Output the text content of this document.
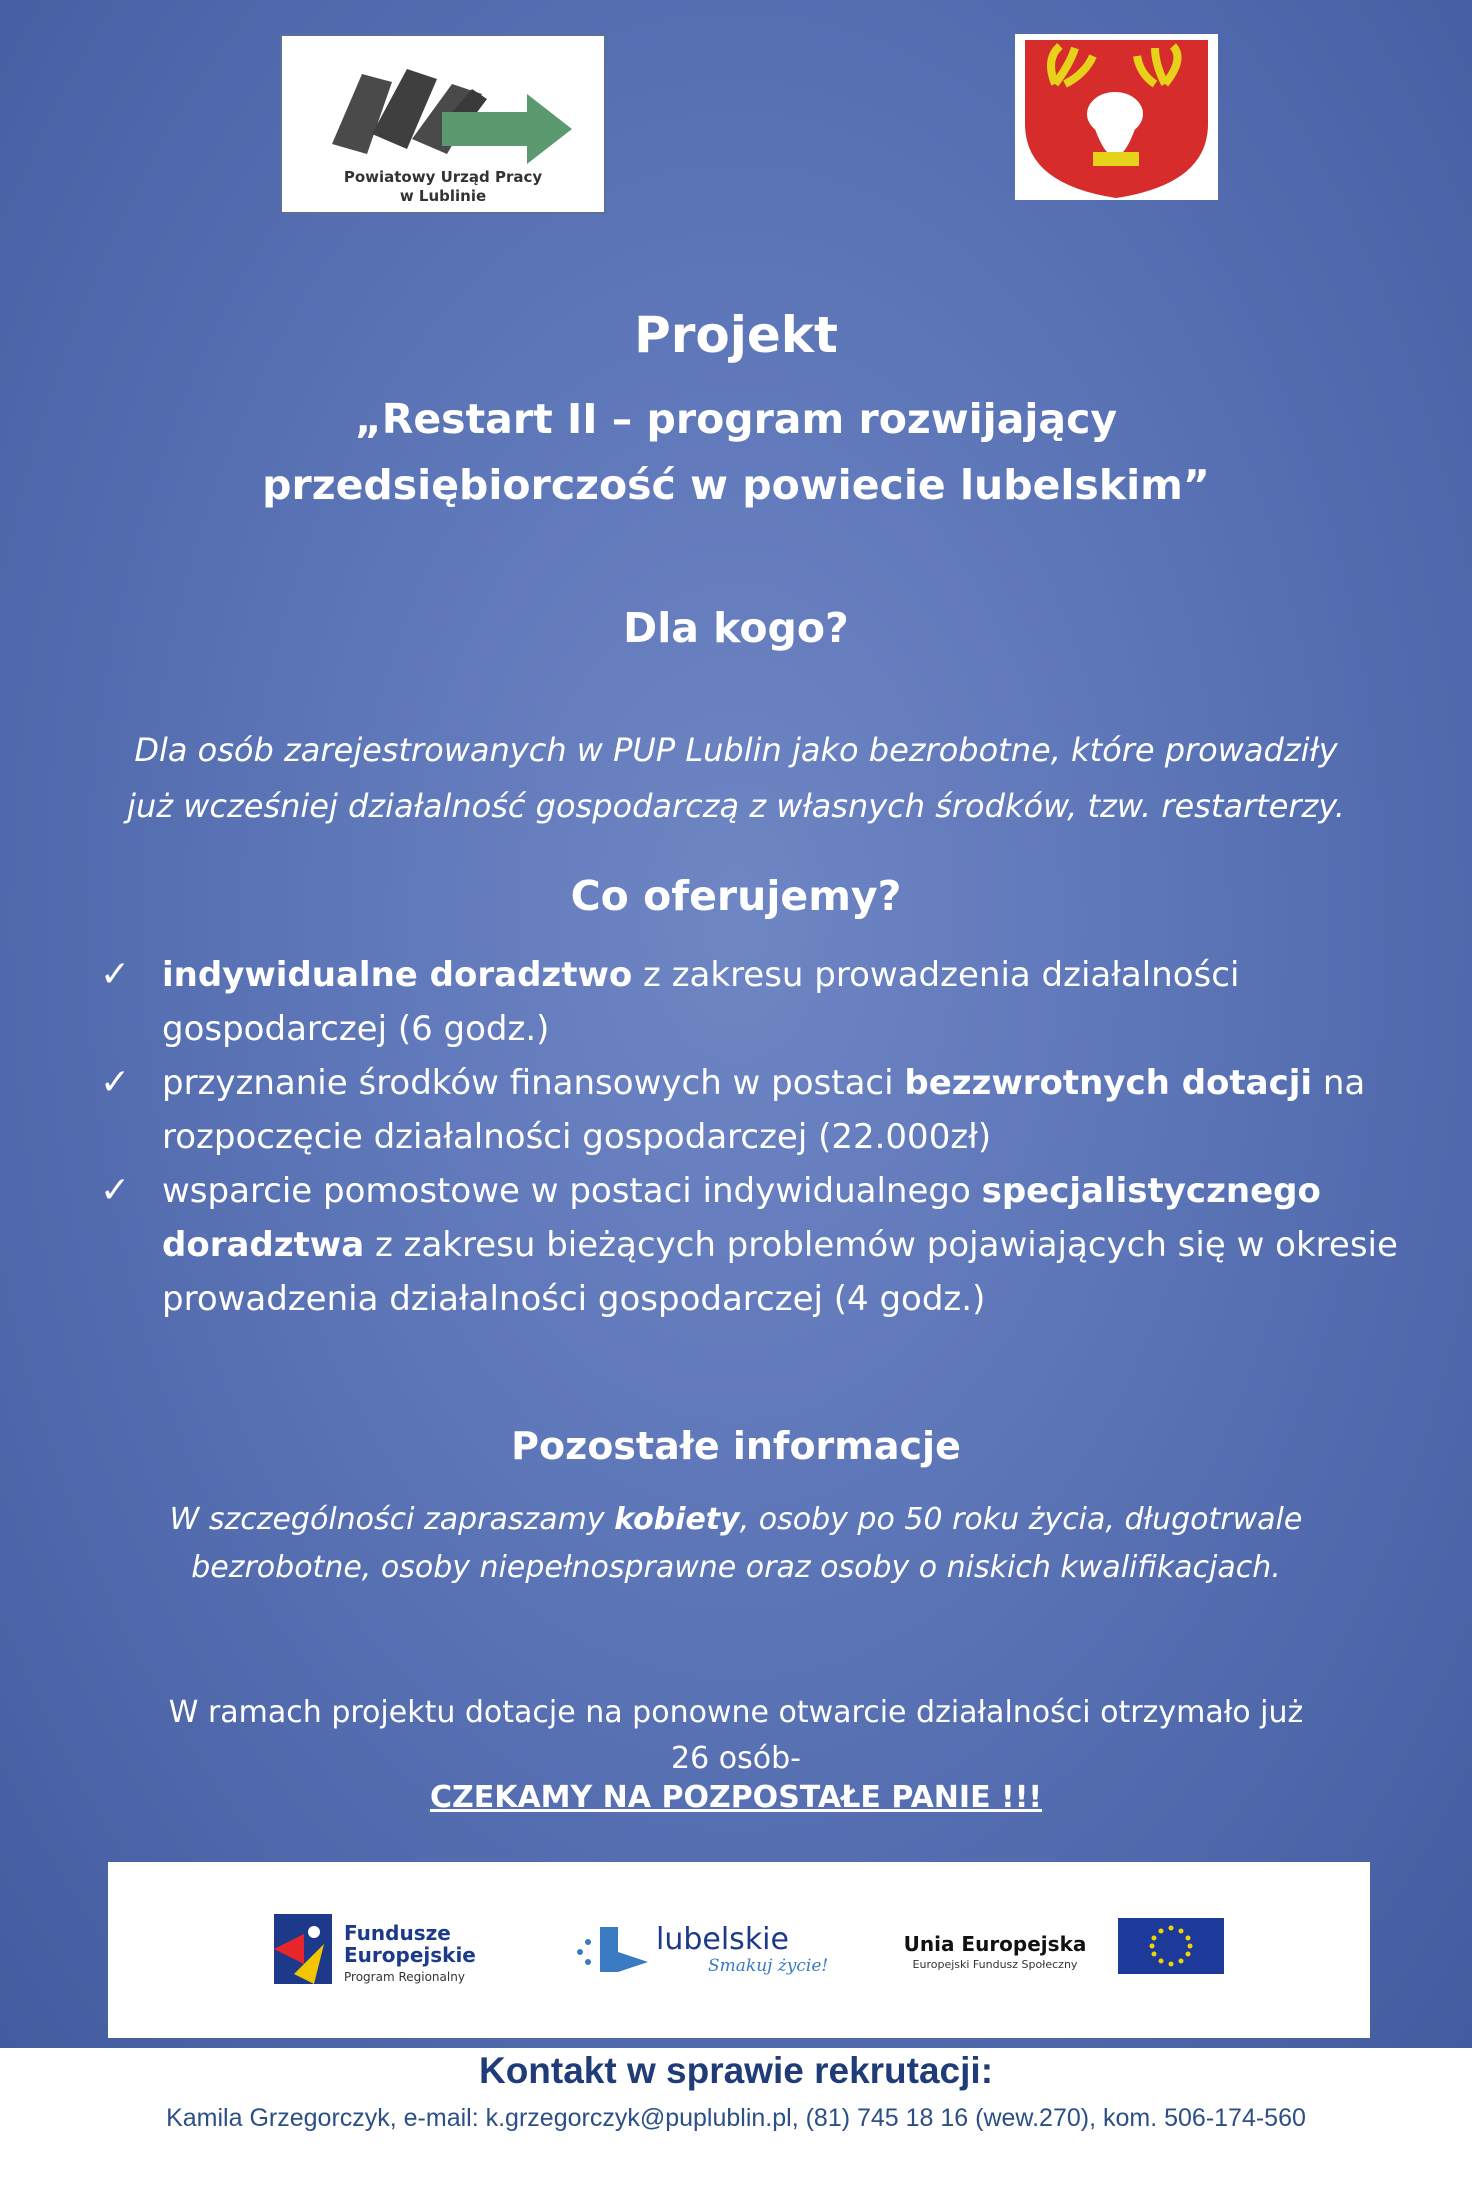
Powiatowy Urząd Pracy
w Lublinie
Projekt
„Restart II – program rozwijający
przedsiębiorczość w powiecie lubelskim”
Dla kogo?
Dla osób zarejestrowanych w PUP Lublin jako bezrobotne, które prowadziły
już wcześniej działalność gospodarczą z własnych środków, tzw. restarterzy.
Co oferujemy?
✓ indywidualne doradztwo z zakresu prowadzenia działalności gospodarczej (6 godz.)
✓ przyznanie środków finansowych w postaci bezzwrotnych dotacji na rozpoczęcie działalności gospodarczej (22.000zł)
✓ wsparcie pomostowe w postaci indywidualnego specjalistycznego doradztwa z zakresu bieżących problemów pojawiających się w okresie prowadzenia działalności gospodarczej (4 godz.)
Pozostałe informacje
W szczególności zapraszamy kobiety, osoby po 50 roku życia, długotrwale
bezrobotne, osoby niepełnosprawne oraz osoby o niskich kwalifikacjach.
W ramach projektu dotacje na ponowne otwarcie działalności otrzymało już
26 osób-
CZEKAMY NA POZPOSTAŁE PANIE !!!
Fundusze
Europejskie
Program Regionalny
lubelskie
Smakuj życie!
Unia Europejska
Europejski Fundusz Społeczny
Kontakt w sprawie rekrutacji:
Kamila Grzegorczyk, e-mail: k.grzegorczyk@puplublin.pl, (81) 745 18 16 (wew.270), kom. 506-174-560
